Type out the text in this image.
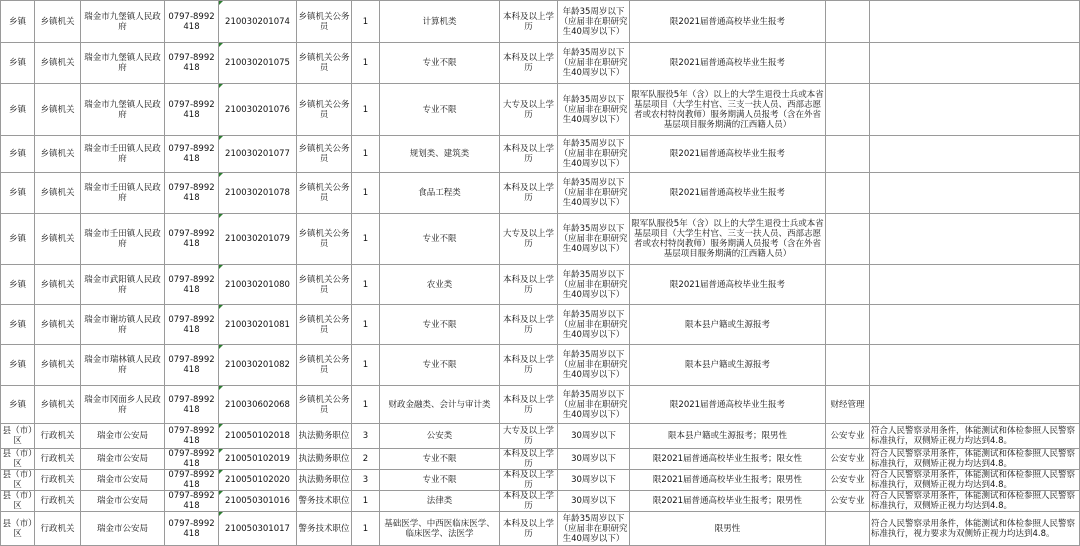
乡镇	乡镇机关	瑞金市九堡镇人民政府	0797-8992418	210030201074	乡镇机关公务员	1	计算机类	本科及以上学历	年龄35周岁以下（应届非在职研究生40周岁以下）	限2021届普通高校毕业生报考		
乡镇	乡镇机关	瑞金市九堡镇人民政府	0797-8992418	210030201075	乡镇机关公务员	1	专业不限	本科及以上学历	年龄35周岁以下（应届非在职研究生40周岁以下）	限2021届普通高校毕业生报考		
乡镇	乡镇机关	瑞金市九堡镇人民政府	0797-8992418	210030201076	乡镇机关公务员	1	专业不限	大专及以上学历	年龄35周岁以下（应届非在职研究生40周岁以下）	限军队服役5年（含）以上的大学生退役士兵或本省基层项目（大学生村官、三支一扶人员、西部志愿者或农村特岗教师）服务期满人员报考（含在外省基层项目服务期满的江西籍人员）		
乡镇	乡镇机关	瑞金市壬田镇人民政府	0797-8992418	210030201077	乡镇机关公务员	1	规划类、建筑类	本科及以上学历	年龄35周岁以下（应届非在职研究生40周岁以下）	限2021届普通高校毕业生报考		
乡镇	乡镇机关	瑞金市壬田镇人民政府	0797-8992418	210030201078	乡镇机关公务员	1	食品工程类	本科及以上学历	年龄35周岁以下（应届非在职研究生40周岁以下）	限2021届普通高校毕业生报考		
乡镇	乡镇机关	瑞金市壬田镇人民政府	0797-8992418	210030201079	乡镇机关公务员	1	专业不限	大专及以上学历	年龄35周岁以下（应届非在职研究生40周岁以下）	限军队服役5年（含）以上的大学生退役士兵或本省基层项目（大学生村官、三支一扶人员、西部志愿者或农村特岗教师）服务期满人员报考（含在外省基层项目服务期满的江西籍人员）		
乡镇	乡镇机关	瑞金市武阳镇人民政府	0797-8992418	210030201080	乡镇机关公务员	1	农业类	本科及以上学历	年龄35周岁以下（应届非在职研究生40周岁以下）	限2021届普通高校毕业生报考		
乡镇	乡镇机关	瑞金市谢坊镇人民政府	0797-8992418	210030201081	乡镇机关公务员	1	专业不限	本科及以上学历	年龄35周岁以下（应届非在职研究生40周岁以下）	限本县户籍或生源报考		
乡镇	乡镇机关	瑞金市瑞林镇人民政府	0797-8992418	210030201082	乡镇机关公务员	1	专业不限	本科及以上学历	年龄35周岁以下（应届非在职研究生40周岁以下）	限本县户籍或生源报考		
乡镇	乡镇机关	瑞金市冈面乡人民政府	0797-8992418	210030602068	乡镇机关公务员	1	财政金融类、会计与审计类	本科及以上学历	年龄35周岁以下（应届非在职研究生40周岁以下）	限2021届普通高校毕业生报考	财经管理	
县（市）区	行政机关	瑞金市公安局	0797-8992418	210050102018	执法勤务职位	3	公安类	大专及以上学历	30周岁以下	限本县户籍或生源报考；限男性	公安专业	符合人民警察录用条件，体能测试和体检参照人民警察标准执行，双侧矫正视力均达到4.8。
县（市）区	行政机关	瑞金市公安局	0797-8992418	210050102019	执法勤务职位	2	专业不限	本科及以上学历	30周岁以下	限2021届普通高校毕业生报考；限女性	公安专业	符合人民警察录用条件，体能测试和体检参照人民警察标准执行，双侧矫正视力均达到4.8。
县（市）区	行政机关	瑞金市公安局	0797-8992418	210050102020	执法勤务职位	3	专业不限	本科及以上学历	30周岁以下	限2021届普通高校毕业生报考；限男性	公安专业	符合人民警察录用条件，体能测试和体检参照人民警察标准执行，双侧矫正视力均达到4.8。
县（市）区	行政机关	瑞金市公安局	0797-8992418	210050301016	警务技术职位	1	法律类	本科及以上学历	30周岁以下	限2021届普通高校毕业生报考；限男性	公安专业	符合人民警察录用条件，体能测试和体检参照人民警察标准执行，双侧矫正视力均达到4.8。
县（市）区	行政机关	瑞金市公安局	0797-8992418	210050301017	警务技术职位	1	基础医学、中西医临床医学、临床医学、法医学	本科及以上学历	年龄35周岁以下（应届非在职研究生40周岁以下）	限男性		符合人民警察录用条件，体能测试和体检参照人民警察标准执行，视力要求为双侧矫正视力均达到4.8。
